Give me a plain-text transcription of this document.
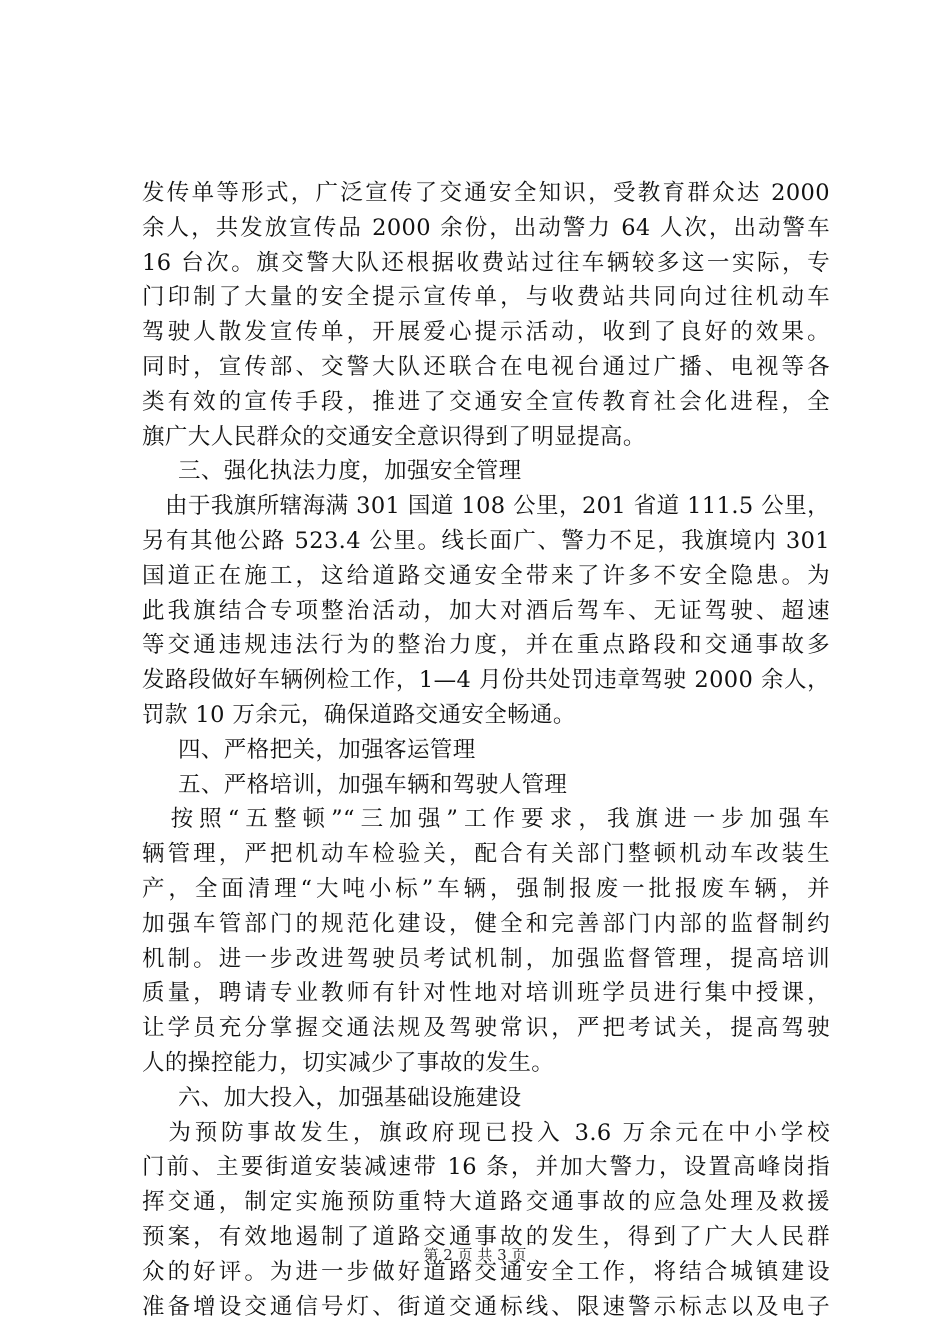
发传单等形式，广泛宣传了交通安全知识，受教育群众达 2000
余人，共发放宣传品 2000 余份，出动警力 64 人次，出动警车
16 台次。旗交警大队还根据收费站过往车辆较多这一实际，专
门印制了大量的安全提示宣传单，与收费站共同向过往机动车
驾驶人散发宣传单，开展爱心提示活动，收到了良好的效果。
同时，宣传部、交警大队还联合在电视台通过广播、电视等各
类有效的宣传手段，推进了交通安全宣传教育社会化进程，全
旗广大人民群众的交通安全意识得到了明显提高。
三、强化执法力度，加强安全管理
　由于我旗所辖海满 301 国道 108 公里，201 省道 111.5 公里，
另有其他公路 523.4 公里。线长面广、警力不足，我旗境内 301
国道正在施工，这给道路交通安全带来了许多不安全隐患。为
此我旗结合专项整治活动，加大对酒后驾车、无证驾驶、超速
等交通违规违法行为的整治力度，并在重点路段和交通事故多
发路段做好车辆例检工作，1—4 月份共处罚违章驾驶 2000 余人，
罚款 10 万余元，确保道路交通安全畅通。
四、严格把关，加强客运管理
五、严格培训，加强车辆和驾驶人管理
　按照“五整顿”“三加强”工作要求，我旗进一步加强车
辆管理，严把机动车检验关，配合有关部门整顿机动车改装生
产，全面清理“大吨小标”车辆，强制报废一批报废车辆，并
加强车管部门的规范化建设，健全和完善部门内部的监督制约
机制。进一步改进驾驶员考试机制，加强监督管理，提高培训
质量，聘请专业教师有针对性地对培训班学员进行集中授课，
让学员充分掌握交通法规及驾驶常识，严把考试关，提高驾驶
人的操控能力，切实减少了事故的发生。
六、加大投入，加强基础设施建设
　为预防事故发生，旗政府现已投入 3.6 万余元在中小学校
门前、主要街道安装减速带 16 条，并加大警力，设置高峰岗指
挥交通，制定实施预防重特大道路交通事故的应急处理及救援
预案，有效地遏制了道路交通事故的发生，得到了广大人民群
众的好评。为进一步做好道路交通安全工作，将结合城镇建设
准备增设交通信号灯、街道交通标线、限速警示标志以及电子
第 2 页 共 3 页
